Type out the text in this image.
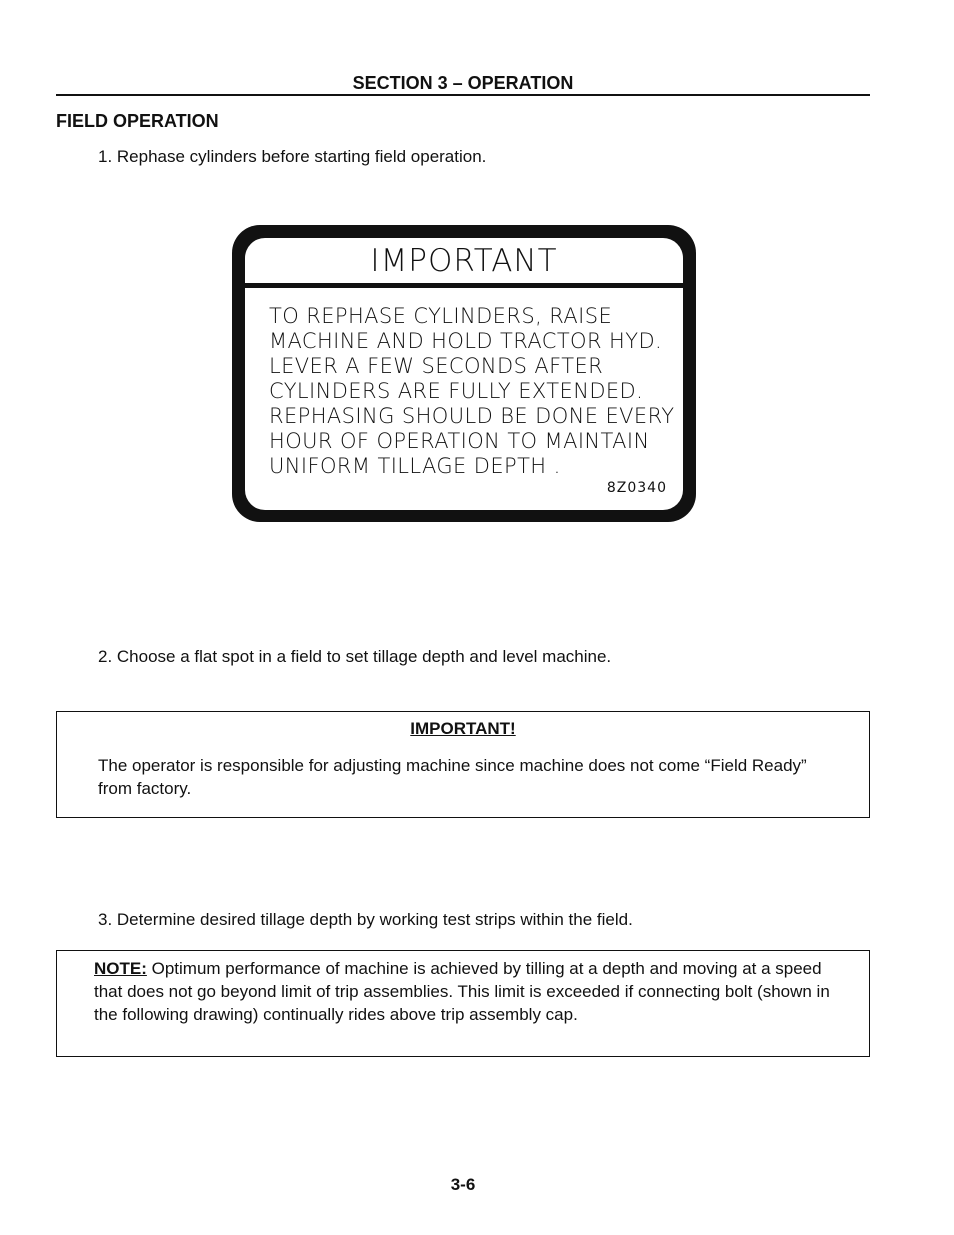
SECTION 3 – OPERATION
FIELD OPERATION
1. Rephase cylinders before starting field operation.
IMPORTANT
TO REPHASE CYLINDERS, RAISE
MACHINE AND HOLD TRACTOR HYD.
LEVER A FEW SECONDS AFTER
CYLINDERS ARE FULLY EXTENDED.
REPHASING SHOULD BE DONE EVERY
HOUR OF OPERATION TO MAINTAIN
UNIFORM TILLAGE DEPTH .
8Z0340
2. Choose a flat spot in a field to set tillage depth and level machine.
IMPORTANT!
The operator is responsible for adjusting machine since machine does not come “Field Ready” from factory.
3. Determine desired tillage depth by working test strips within the field.
NOTE: Optimum performance of machine is achieved by tilling at a depth and moving at a speed that does not go beyond limit of trip assemblies. This limit is exceeded if connecting bolt (shown in the following drawing) continually rides above trip assembly cap.
3-6
